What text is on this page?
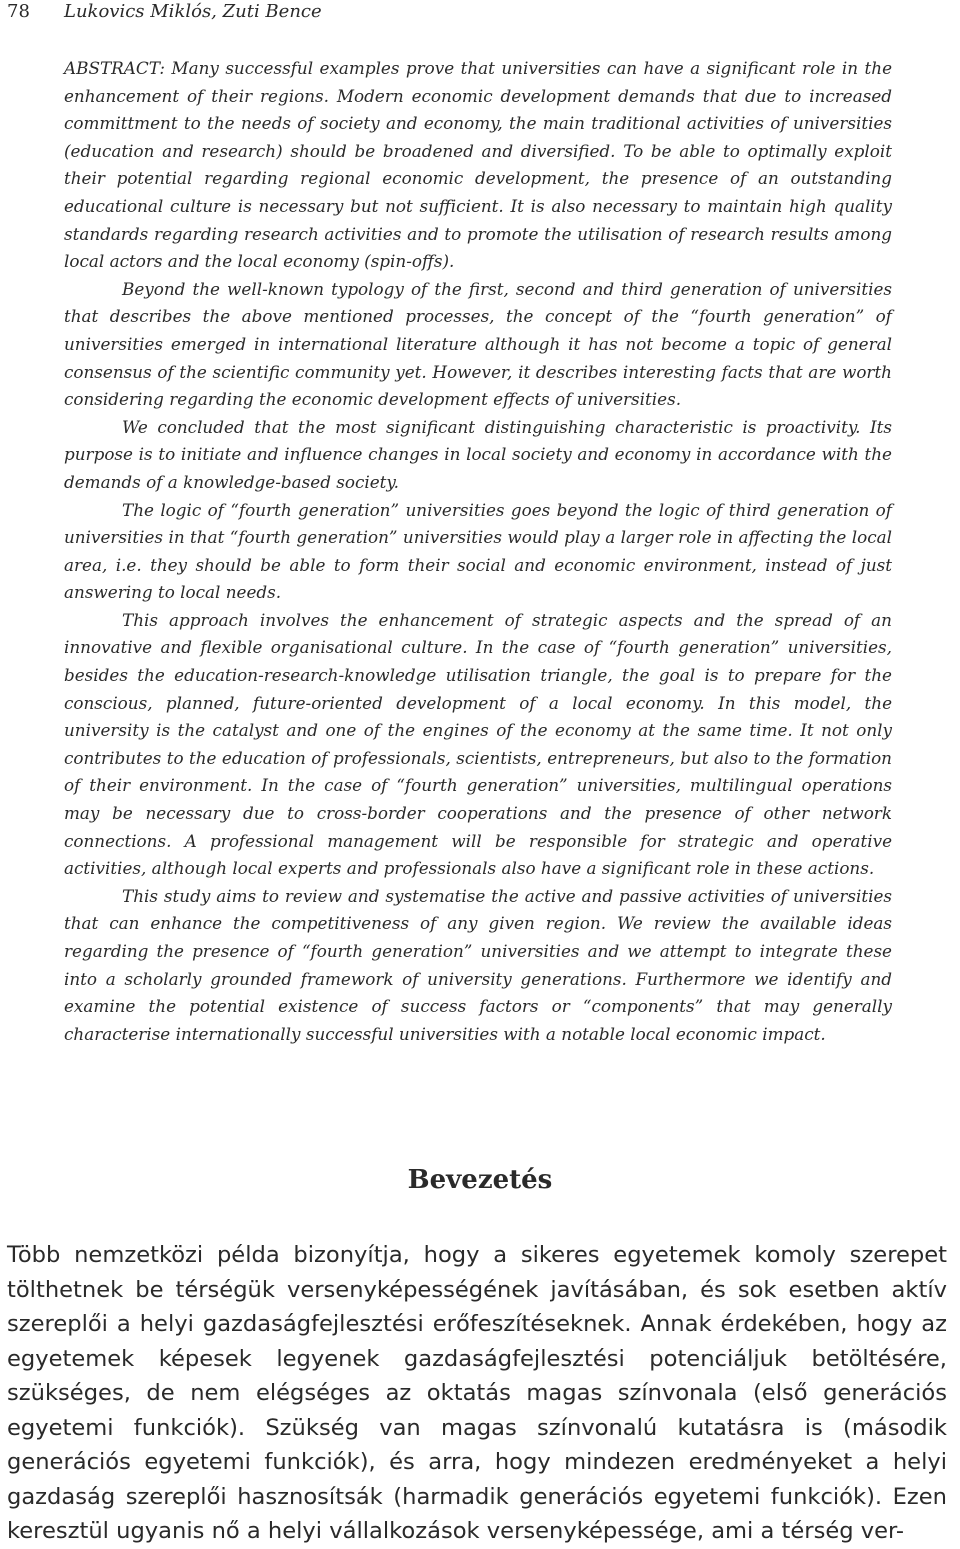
78 Lukovics Miklós, Zuti Bence

ABSTRACT: Many successful examples prove that universities can have a significant role in the enhancement of their regions. Modern economic development demands that due to increased committment to the needs of society and economy, the main traditional activities of universities (education and research) should be broadened and diversified. To be able to optimally exploit their potential regarding regional economic development, the presence of an outstanding educational culture is necessary but not sufficient. It is also necessary to maintain high quality standards regarding research activities and to promote the utilisation of research results among local actors and the local economy (spin-offs).

Beyond the well-known typology of the first, second and third generation of universities that describes the above mentioned processes, the concept of the “fourth generation” of universities emerged in international literature although it has not become a topic of general consensus of the scientific community yet. However, it describes interesting facts that are worth considering regarding the economic development effects of universities.

We concluded that the most significant distinguishing characteristic is proactivity. Its purpose is to initiate and influence changes in local society and economy in accordance with the demands of a knowledge-based society.

The logic of “fourth generation” universities goes beyond the logic of third generation of universities in that “fourth generation” universities would play a larger role in affecting the local area, i.e. they should be able to form their social and economic environment, instead of just answering to local needs.

This approach involves the enhancement of strategic aspects and the spread of an innovative and flexible organisational culture. In the case of “fourth generation” universities, besides the education-research-knowledge utilisation triangle, the goal is to prepare for the conscious, planned, future-oriented development of a local economy. In this model, the university is the catalyst and one of the engines of the economy at the same time. It not only contributes to the education of professionals, scientists, entrepreneurs, but also to the formation of their environment. In the case of “fourth generation” universities, multilingual operations may be necessary due to cross-border cooperations and the presence of other network connections. A professional management will be responsible for strategic and operative activities, although local experts and professionals also have a significant role in these actions.

This study aims to review and systematise the active and passive activities of universities that can enhance the competitiveness of any given region. We review the available ideas regarding the presence of “fourth generation” universities and we attempt to integrate these into a scholarly grounded framework of university generations. Furthermore we identify and examine the potential existence of success factors or “components” that may generally characterise internationally successful universities with a notable local economic impact.

Bevezetés

Több nemzetközi példa bizonyítja, hogy a sikeres egyetemek komoly szerepet tölthetnek be térségük versenyképességének javításában, és sok esetben aktív szereplői a helyi gazdaságfejlesztési erőfeszítéseknek. Annak érdekében, hogy az egyetemek képesek legyenek gazdaságfejlesztési potenciáljuk betöltésére, szükséges, de nem elégséges az oktatás magas színvonala (első generációs egyetemi funkciók). Szükség van magas színvonalú kutatásra is (második generációs egyetemi funkciók), és arra, hogy mindezen eredményeket a helyi gazdaság szereplői hasznosítsák (harmadik generációs egyetemi funkciók). Ezen keresztül ugyanis nő a helyi vállalkozások versenyképessége, ami a térség ver-
